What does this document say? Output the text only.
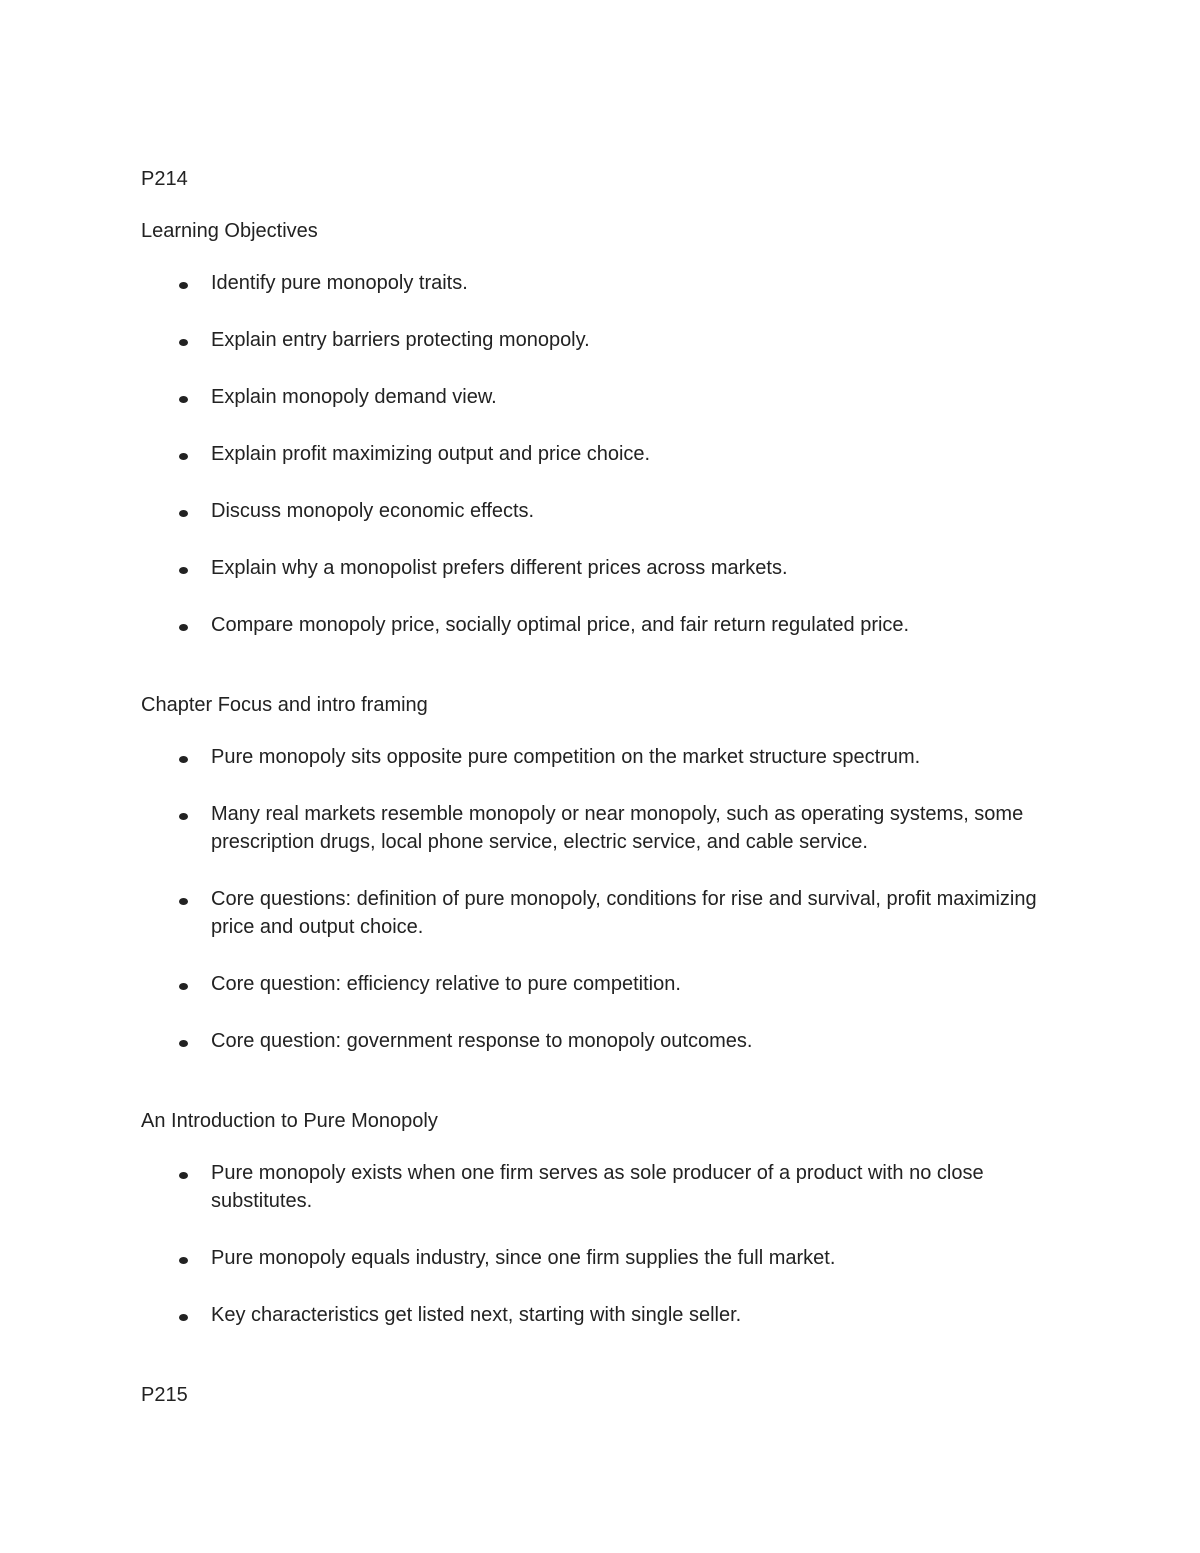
P214

Learning Objectives

Identify pure monopoly traits.
Explain entry barriers protecting monopoly.
Explain monopoly demand view.
Explain profit maximizing output and price choice.
Discuss monopoly economic effects.
Explain why a monopolist prefers different prices across markets.
Compare monopoly price, socially optimal price, and fair return regulated price.

Chapter Focus and intro framing

Pure monopoly sits opposite pure competition on the market structure spectrum.
Many real markets resemble monopoly or near monopoly, such as operating systems, some prescription drugs, local phone service, electric service, and cable service.
Core questions: definition of pure monopoly, conditions for rise and survival, profit maximizing price and output choice.
Core question: efficiency relative to pure competition.
Core question: government response to monopoly outcomes.

An Introduction to Pure Monopoly

Pure monopoly exists when one firm serves as sole producer of a product with no close substitutes.
Pure monopoly equals industry, since one firm supplies the full market.
Key characteristics get listed next, starting with single seller.

P215
